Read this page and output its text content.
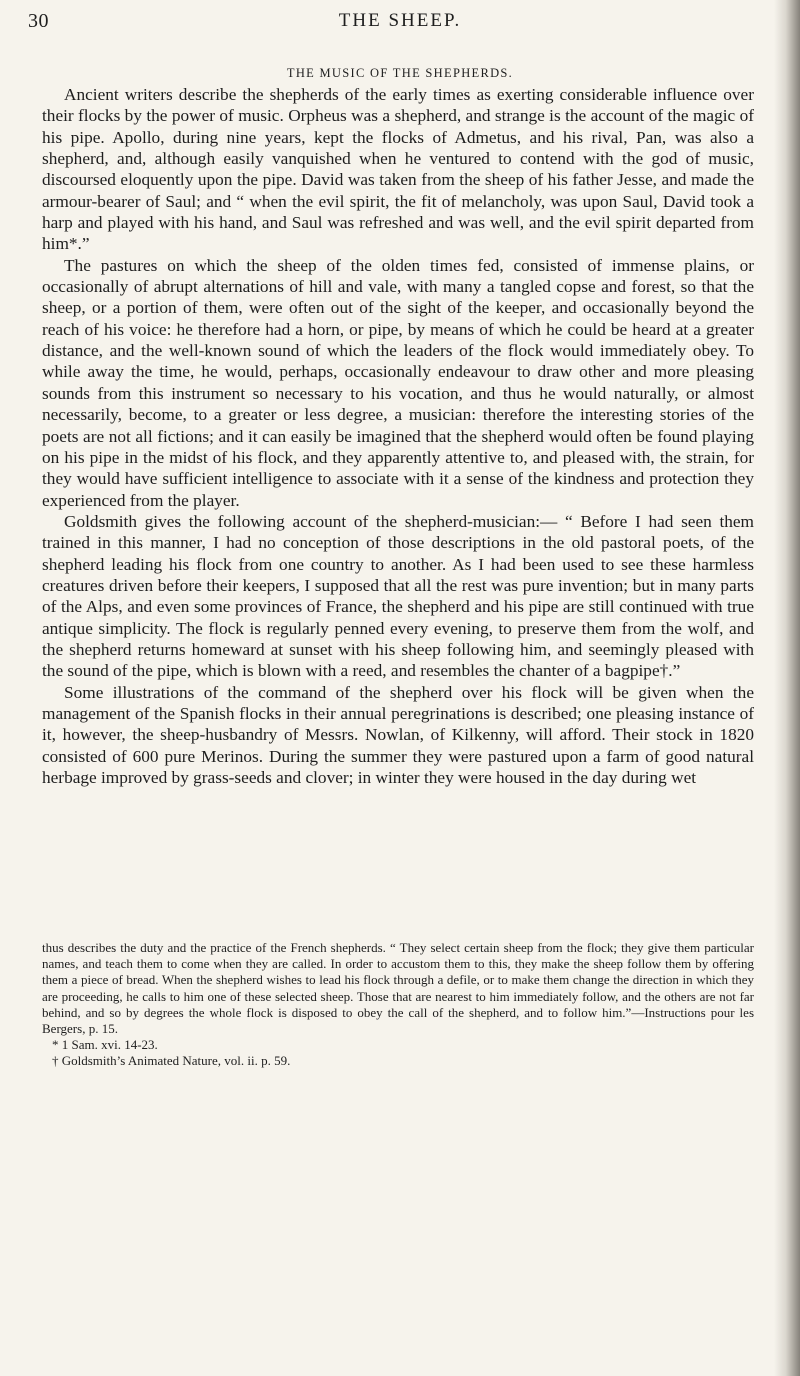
30	THE SHEEP.
THE MUSIC OF THE SHEPHERDS.

Ancient writers describe the shepherds of the early times as exerting considerable influence over their flocks by the power of music. Orpheus was a shepherd, and strange is the account of the magic of his pipe. Apollo, during nine years, kept the flocks of Admetus, and his rival, Pan, was also a shepherd, and, although easily vanquished when he ventured to contend with the god of music, discoursed eloquently upon the pipe. David was taken from the sheep of his father Jesse, and made the armour-bearer of Saul; and “ when the evil spirit, the fit of melancholy, was upon Saul, David took a harp and played with his hand, and Saul was refreshed and was well, and the evil spirit departed from him*.”

The pastures on which the sheep of the olden times fed, consisted of immense plains, or occasionally of abrupt alternations of hill and vale, with many a tangled copse and forest, so that the sheep, or a portion of them, were often out of the sight of the keeper, and occasionally beyond the reach of his voice: he therefore had a horn, or pipe, by means of which he could be heard at a greater distance, and the well-known sound of which the leaders of the flock would immediately obey. To while away the time, he would, perhaps, occasionally endeavour to draw other and more pleasing sounds from this instrument so necessary to his vocation, and thus he would naturally, or almost necessarily, become, to a greater or less degree, a musician: therefore the interesting stories of the poets are not all fictions; and it can easily be imagined that the shepherd would often be found playing on his pipe in the midst of his flock, and they apparently attentive to, and pleased with, the strain, for they would have sufficient intelligence to associate with it a sense of the kindness and protection they experienced from the player.

Goldsmith gives the following account of the shepherd-musician:— “ Before I had seen them trained in this manner, I had no conception of those descriptions in the old pastoral poets, of the shepherd leading his flock from one country to another. As I had been used to see these harmless creatures driven before their keepers, I supposed that all the rest was pure invention; but in many parts of the Alps, and even some provinces of France, the shepherd and his pipe are still continued with true antique simplicity. The flock is regularly penned every evening, to preserve them from the wolf, and the shepherd returns homeward at sunset with his sheep following him, and seemingly pleased with the sound of the pipe, which is blown with a reed, and resembles the chanter of a bagpipe†.”

Some illustrations of the command of the shepherd over his flock will be given when the management of the Spanish flocks in their annual peregrinations is described; one pleasing instance of it, however, the sheep-husbandry of Messrs. Nowlan, of Kilkenny, will afford. Their stock in 1820 consisted of 600 pure Merinos. During the summer they were pastured upon a farm of good natural herbage improved by grass-seeds and clover; in winter they were housed in the day during wet

thus describes the duty and the practice of the French shepherds. “ They select certain sheep from the flock; they give them particular names, and teach them to come when they are called. In order to accustom them to this, they make the sheep follow them by offering them a piece of bread. When the shepherd wishes to lead his flock through a defile, or to make them change the direction in which they are proceeding, he calls to him one of these selected sheep. Those that are nearest to him immediately follow, and the others are not far behind, and so by degrees the whole flock is disposed to obey the call of the shepherd, and to follow him.”—Instructions pour les Bergers, p. 15.

* 1 Sam. xvi. 14-23.

† Goldsmith’s Animated Nature, vol. ii. p. 59.
